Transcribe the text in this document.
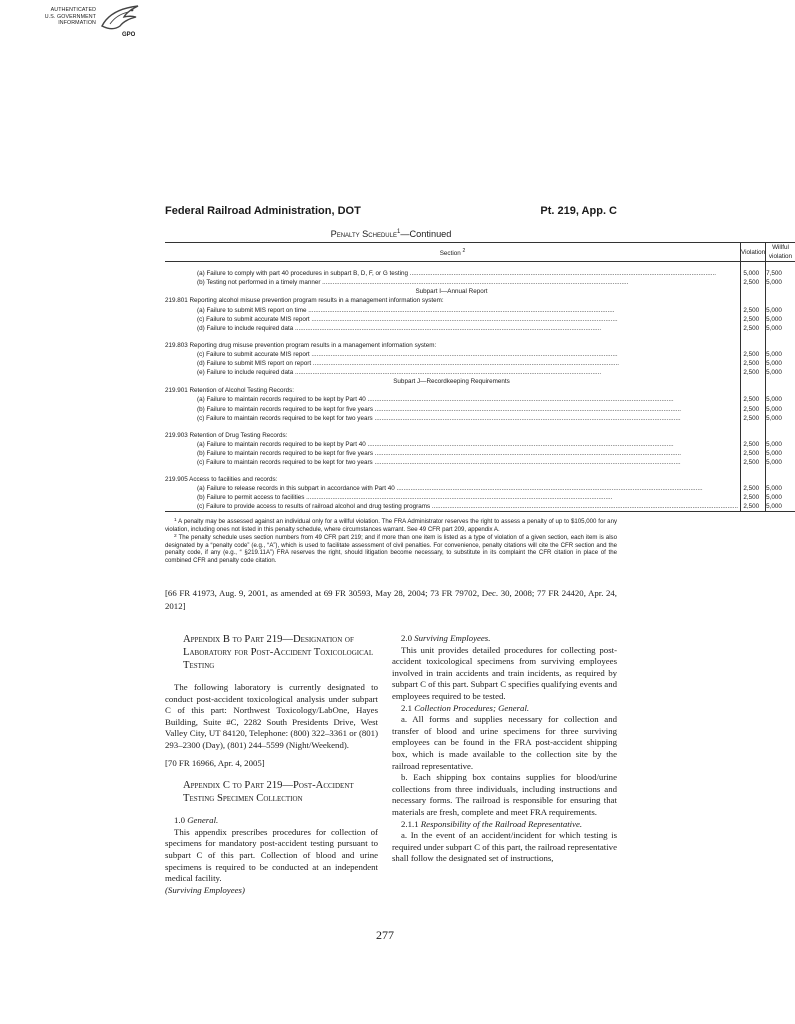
AUTHENTICATED
U.S. GOVERNMENT
INFORMATION
GPO
Federal Railroad Administration, DOT	Pt. 219, App. C
Penalty Schedule$^1$—Continued
Section $^2$	Violation	Willful violation

(a) Failure to comply with part 40 procedures in subpart B, D, F, or G testing .....	5,000	7,500

(b) Testing not performed in a timely manner .....	2,500	5,000
Subpart I—Annual Report		
219.801 Reporting alcohol misuse prevention program results in a management information system:		

(a) Failure to submit MIS report on time .....	2,500	5,000

(c) Failure to submit accurate MIS report .....	2,500	5,000

(d) Failure to include required data .....	2,500	5,000
219.803 Reporting drug misuse prevention program results in a management information system:		

(c) Failure to submit accurate MIS report .....	2,500	5,000

(d) Failure to submit MIS report on report .....	2,500	5,000

(e) Failure to include required data .....	2,500	5,000
Subpart J—Recordkeeping Requirements		
219.901 Retention of Alcohol Testing Records:		

(a) Failure to maintain records required to be kept by Part 40 .....	2,500	5,000

(b) Failure to maintain records required to be kept for five years .....	2,500	5,000

(c) Failure to maintain records required to be kept for two years .....	2,500	5,000
219.903 Retention of Drug Testing Records:		

(a) Failure to maintain records required to be kept by Part 40 .....	2,500	5,000

(b) Failure to maintain records required to be kept for five years .....	2,500	5,000

(c) Failure to maintain records required to be kept for two years .....	2,500	5,000
219.905 Access to facilities and records:		

(a) Failure to release records in this subpart in accordance with Part 40 .....	2,500	5,000

(b) Failure to permit access to facilities .....	2,500	5,000

(c) Failure to provide access to results of railroad alcohol and drug testing programs .....	2,500	5,000

$^1$ A penalty may be assessed against an individual only for a willful violation. The FRA Administrator reserves the right to assess a penalty of up to $105,000 for any violation, including ones not listed in this penalty schedule, where circumstances warrant. See 49 CFR part 209, appendix A.

$^2$ The penalty schedule uses section numbers from 49 CFR part 219; and if more than one item is listed as a type of violation of a given section, each item is also designated by a “penalty code” (e.g., “A”), which is used to facilitate assessment of civil penalties. For convenience, penalty citations will cite the CFR section and the penalty code, if any (e.g., “ §219.11A”) FRA reserves the right, should litigation become necessary, to substitute in its complaint the CFR citation in place of the combined CFR and penalty code citation.

[66 FR 41973, Aug. 9, 2001, as amended at 69 FR 30593, May 28, 2004; 73 FR 79702, Dec. 30, 2008; 77 FR 24420, Apr. 24, 2012]
Appendix B to Part 219—Designation of Laboratory for Post-Accident Toxicological Testing

The following laboratory is currently designated to conduct post-accident toxicological analysis under subpart C of this part: Northwest Toxicology/LabOne, Hayes Building, Suite #C, 2282 South Presidents Drive, West Valley City, UT 84120, Telephone: (800) 322–3361 or (801) 293–2300 (Day), (801) 244–5599 (Night/Weekend).

[70 FR 16966, Apr. 4, 2005]

Appendix C to Part 219—Post-Accident Testing Specimen Collection

1.0 General.

This appendix prescribes procedures for collection of specimens for mandatory post-accident testing pursuant to subpart C of this part. Collection of blood and urine specimens is required to be conducted at an independent medical facility.

(Surviving Employees)

2.0 Surviving Employees.

This unit provides detailed procedures for collecting post-accident toxicological specimens from surviving employees involved in train accidents and train incidents, as required by subpart C of this part. Subpart C specifies qualifying events and employees required to be tested.

2.1 Collection Procedures; General.

a. All forms and supplies necessary for collection and transfer of blood and urine specimens for three surviving employees can be found in the FRA post-accident shipping box, which is made available to the collection site by the railroad representative.

b. Each shipping box contains supplies for blood/urine collections from three individuals, including instructions and necessary forms. The railroad is responsible for ensuring that materials are fresh, complete and meet FRA requirements.

2.1.1 Responsibility of the Railroad Representative.

a. In the event of an accident/incident for which testing is required under subpart C of this part, the railroad representative shall follow the designated set of instructions,

277
